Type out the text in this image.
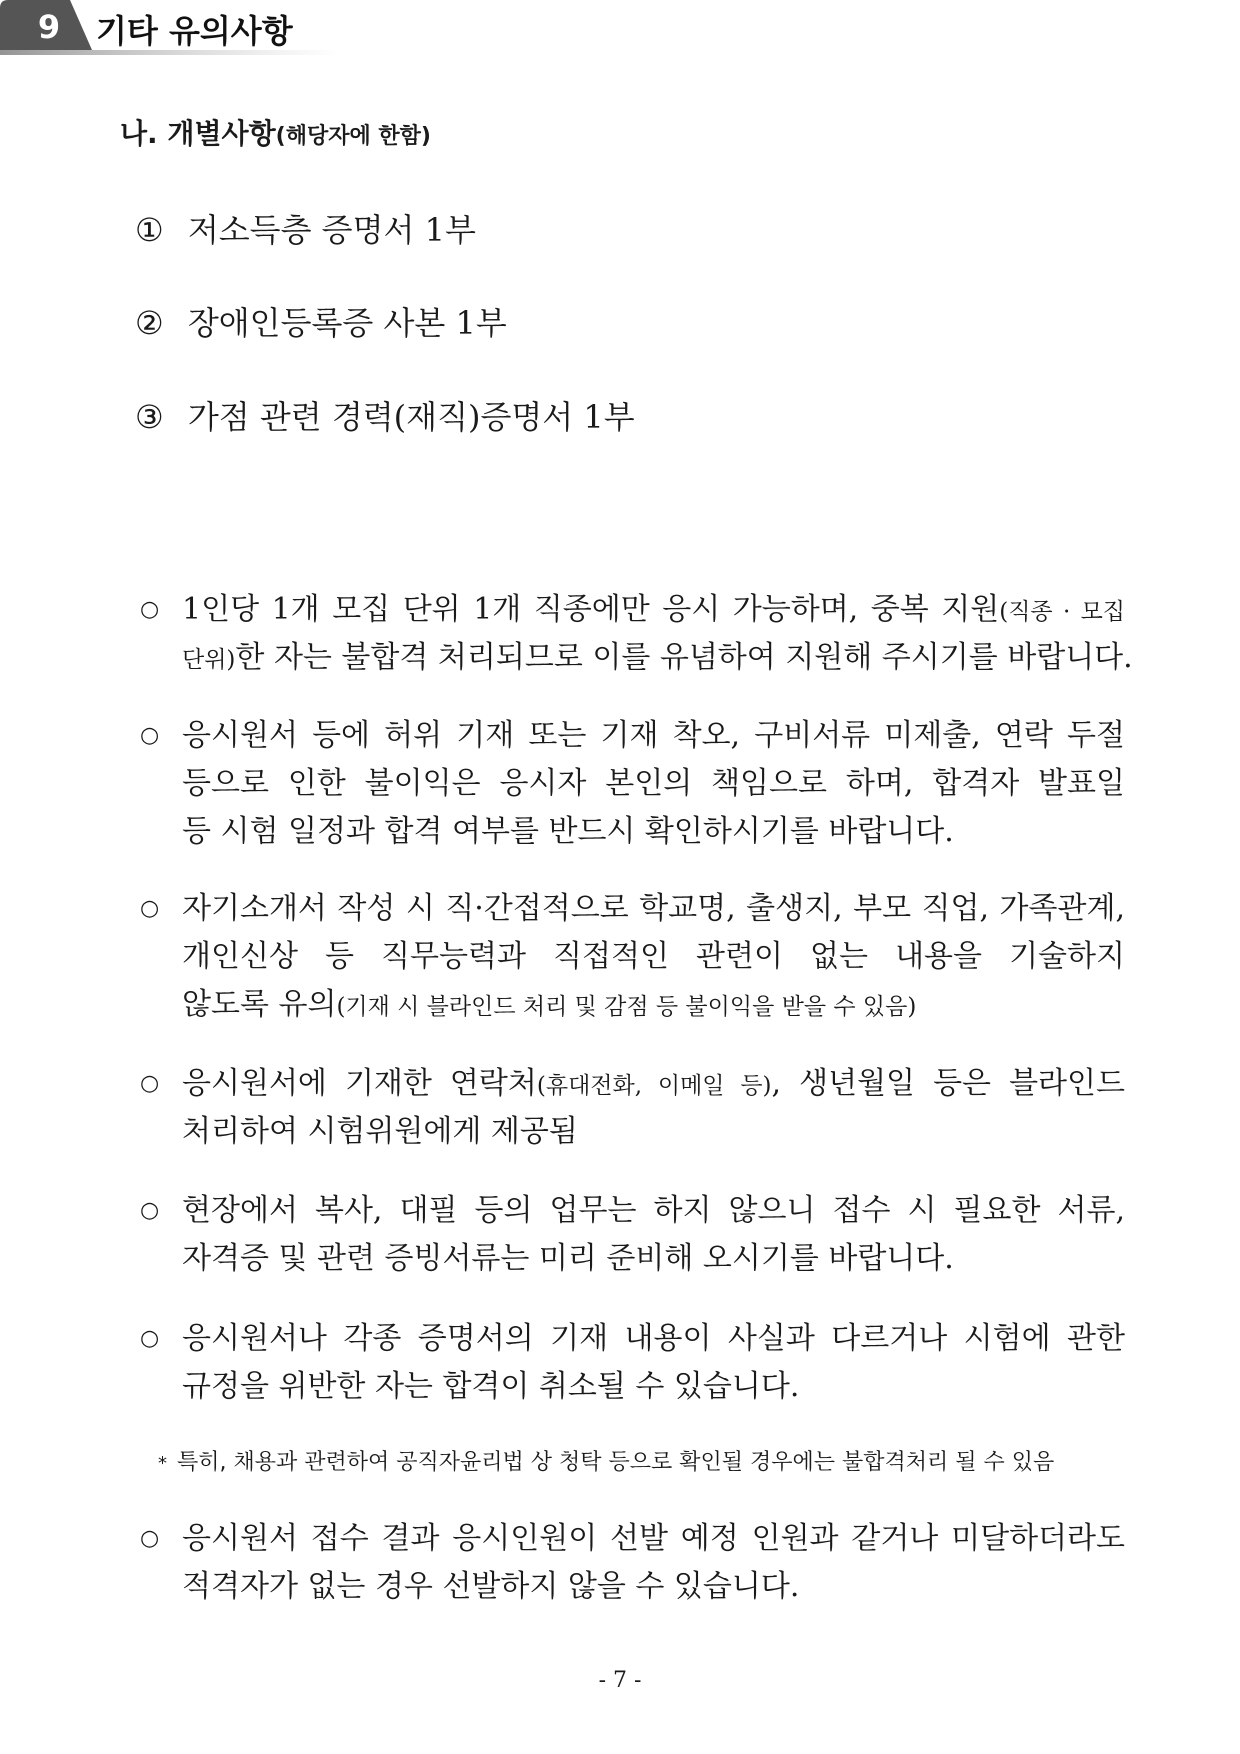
나. 개별사항(해당자에 한함)
① 저소득층 증명서 1부
② 장애인등록증 사본 1부
③ 가점 관련 경력(재직)증명서 1부
9	기타 유의사항
○ 1인당 1개 모집 단위 1개 직종에만 응시 가능하며, 중복 지원(직종 · 모집
단위)한 자는 불합격 처리되므로 이를 유념하여 지원해 주시기를 바랍니다.
○ 응시원서 등에 허위 기재 또는 기재 착오, 구비서류 미제출, 연락 두절
등으로 인한 불이익은 응시자 본인의 책임으로 하며, 합격자 발표일
등 시험 일정과 합격 여부를 반드시 확인하시기를 바랍니다.
○ 자기소개서 작성 시 직·간접적으로 학교명, 출생지, 부모 직업, 가족관계,
개인신상 등 직무능력과 직접적인 관련이 없는 내용을 기술하지
않도록 유의(기재 시 블라인드 처리 및 감점 등 불이익을 받을 수 있음)
○ 응시원서에 기재한 연락처(휴대전화, 이메일 등), 생년월일 등은 블라인드
처리하여 시험위원에게 제공됨
○ 현장에서 복사, 대필 등의 업무는 하지 않으니 접수 시 필요한 서류,
자격증 및 관련 증빙서류는 미리 준비해 오시기를 바랍니다.
○ 응시원서나 각종 증명서의 기재 내용이 사실과 다르거나 시험에 관한
규정을 위반한 자는 합격이 취소될 수 있습니다.
* 특히, 채용과 관련하여 공직자윤리법 상 청탁 등으로 확인될 경우에는 불합격처리 될 수 있음
○ 응시원서 접수 결과 응시인원이 선발 예정 인원과 같거나 미달하더라도
적격자가 없는 경우 선발하지 않을 수 있습니다.
- 7 -
